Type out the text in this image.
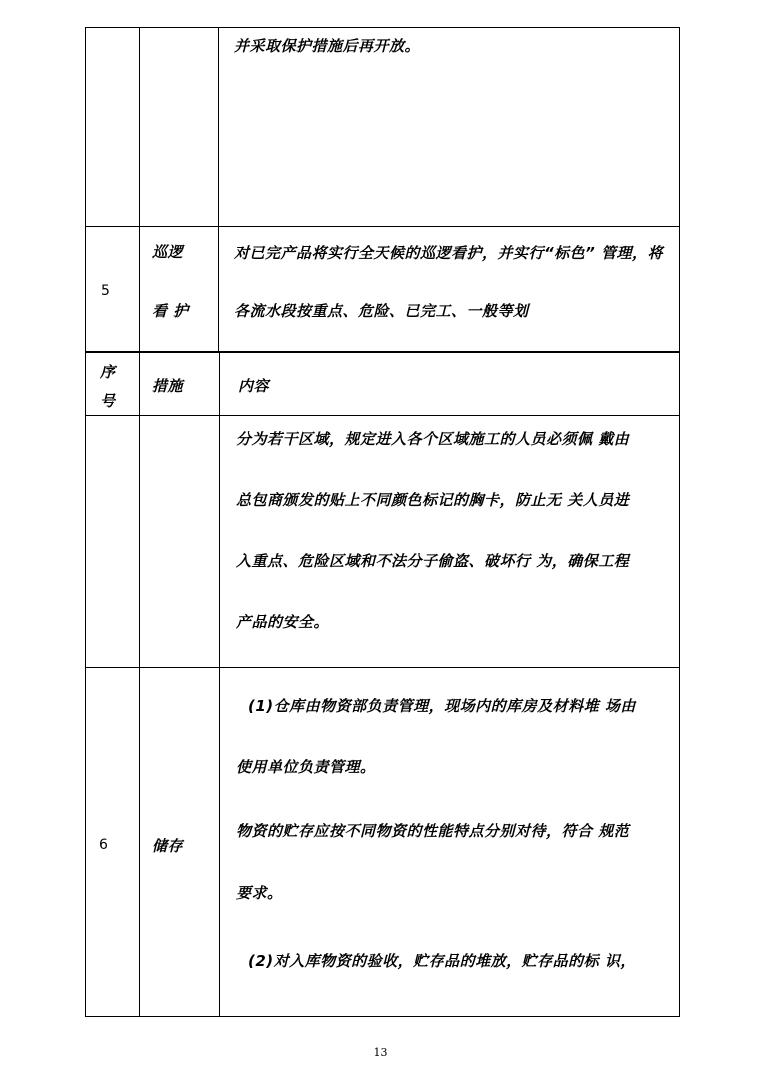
并采取保护措施后再开放。
5
巡逻
看 护
对已完产品将实行全天候的巡逻看护，并实行“标色” 管理，将
各流水段按重点、危险、已完工、一般等划
序
号
措施	内容
分为若干区域，规定进入各个区域施工的人员必须佩 戴由
总包商颁发的贴上不同颜色标记的胸卡，防止无 关人员进
入重点、危险区域和不法分子偷盗、破坏行 为，确保工程
产品的安全。
6	储存
(1)仓库由物资部负责管理，现场内的库房及材料堆 场由
使用单位负责管理。
物资的贮存应按不同物资的性能特点分别对待，符合 规范
要求。
(2)对入库物资的验收，贮存品的堆放，贮存品的标 识，
13
